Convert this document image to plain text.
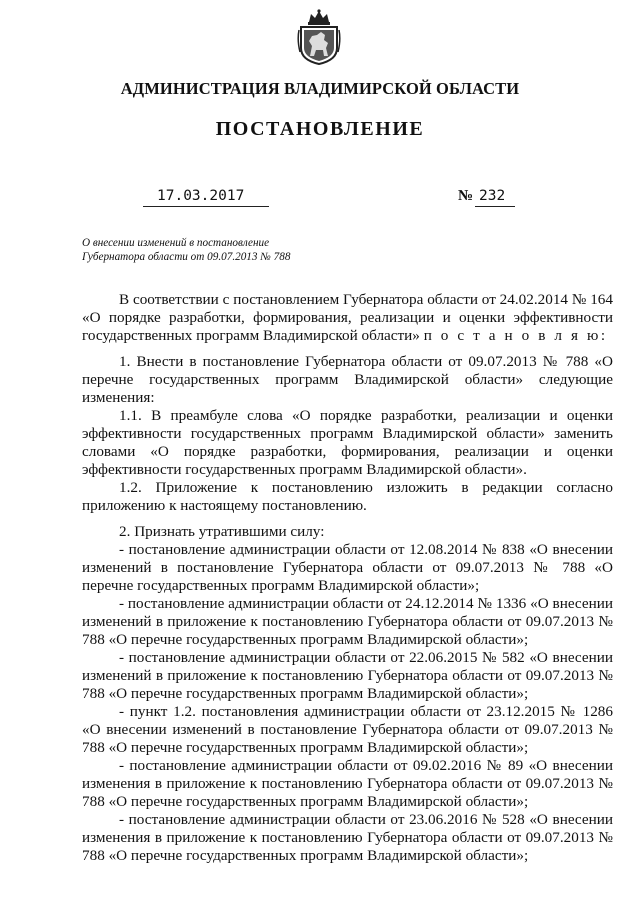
АДМИНИСТРАЦИЯ ВЛАДИМИРСКОЙ ОБЛАСТИ
ПОСТАНОВЛЕНИЕ
17.03.2017	№ 232
О внесении изменений в постановление
Губернатора области от 09.07.2013 № 788

В соответствии с постановлением Губернатора области от 24.02.2014 № 164 «О порядке разработки, формирования, реализации и оценки эффективности государственных программ Владимирской области» п о с т а н о в л я ю:

1. Внести в постановление Губернатора области от 09.07.2013 № 788 «О перечне государственных программ Владимирской области» следующие изменения:

1.1. В преамбуле слова «О порядке разработки, реализации и оценки эффективности государственных программ Владимирской области» заменить словами «О порядке разработки, формирования, реализации и оценки эффективности государственных программ Владимирской области».

1.2. Приложение к постановлению изложить в редакции согласно приложению к настоящему постановлению.

2. Признать утратившими силу:

- постановление администрации области от 12.08.2014 № 838 «О внесении изменений в постановление Губернатора области от 09.07.2013 № 788 «О перечне государственных программ Владимирской области»;

- постановление администрации области от 24.12.2014 № 1336 «О внесении изменений в приложение к постановлению Губернатора области от 09.07.2013 № 788 «О перечне государственных программ Владимирской области»;

- постановление администрации области от 22.06.2015 № 582 «О внесении изменений в приложение к постановлению Губернатора области от 09.07.2013 № 788 «О перечне государственных программ Владимирской области»;

- пункт 1.2. постановления администрации области от 23.12.2015 № 1286 «О внесении изменений в постановление Губернатора области от 09.07.2013 № 788 «О перечне государственных программ Владимирской области»;

- постановление администрации области от 09.02.2016 № 89 «О внесении изменения в приложение к постановлению Губернатора области от 09.07.2013 № 788 «О перечне государственных программ Владимирской области»;

- постановление администрации области от 23.06.2016 № 528 «О внесении изменения в приложение к постановлению Губернатора области от 09.07.2013 № 788 «О перечне государственных программ Владимирской области»;
